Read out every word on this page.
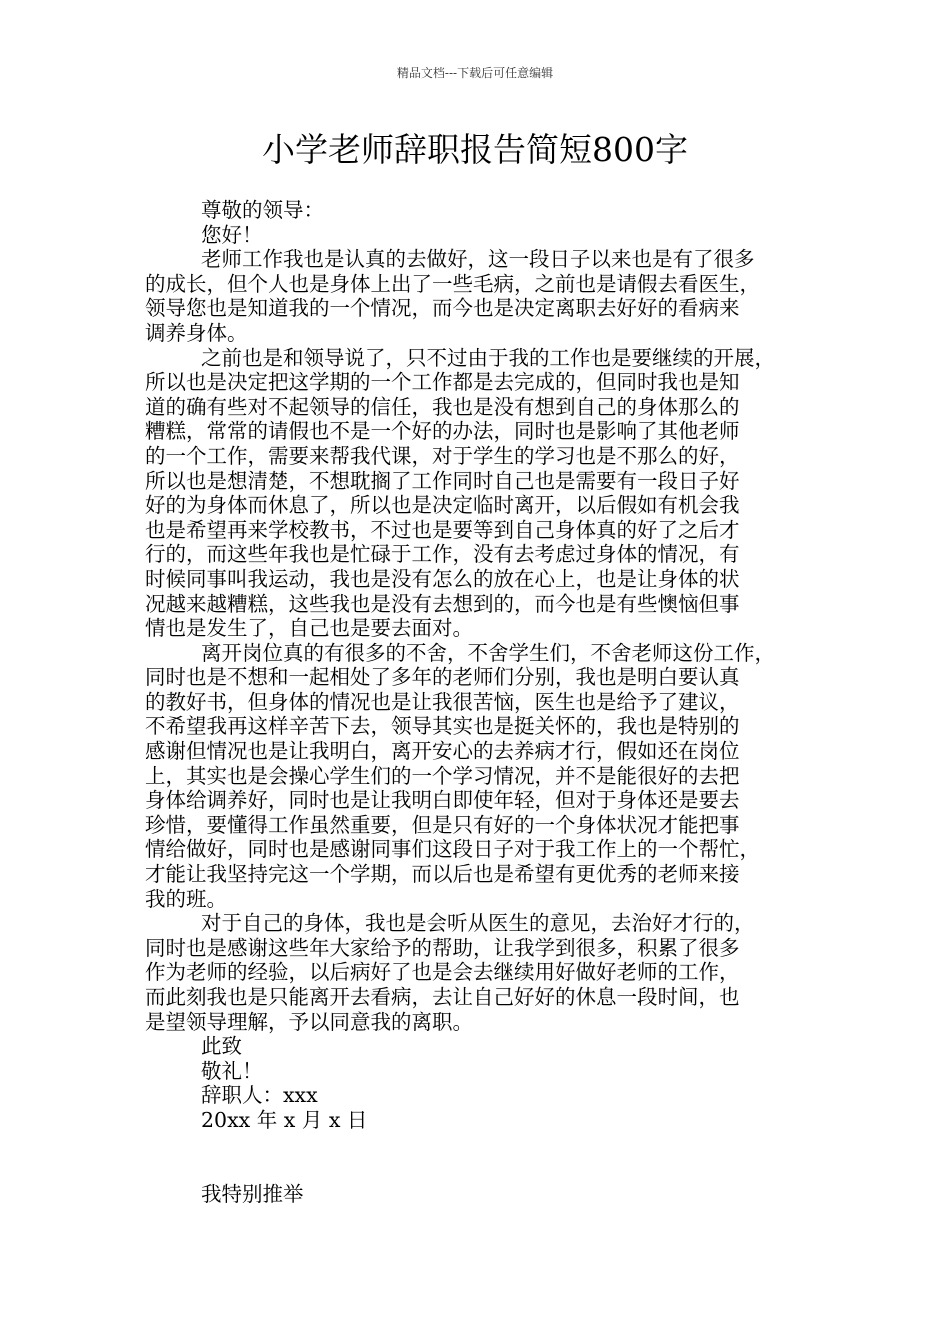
精品文档---下载后可任意编辑
小学老师辞职报告简短800字
尊敬的领导：
您好！
老师工作我也是认真的去做好，这一段日子以来也是有了很多
的成长，但个人也是身体上出了一些毛病，之前也是请假去看医生，
领导您也是知道我的一个情况，而今也是决定离职去好好的看病来
调养身体。
之前也是和领导说了，只不过由于我的工作也是要继续的开展，
所以也是决定把这学期的一个工作都是去完成的，但同时我也是知
道的确有些对不起领导的信任，我也是没有想到自己的身体那么的
糟糕，常常的请假也不是一个好的办法，同时也是影响了其他老师
的一个工作，需要来帮我代课，对于学生的学习也是不那么的好，
所以也是想清楚，不想耽搁了工作同时自己也是需要有一段日子好
好的为身体而休息了，所以也是决定临时离开，以后假如有机会我
也是希望再来学校教书，不过也是要等到自己身体真的好了之后才
行的，而这些年我也是忙碌于工作，没有去考虑过身体的情况，有
时候同事叫我运动，我也是没有怎么的放在心上，也是让身体的状
况越来越糟糕，这些我也是没有去想到的，而今也是有些懊恼但事
情也是发生了，自己也是要去面对。
离开岗位真的有很多的不舍，不舍学生们，不舍老师这份工作，
同时也是不想和一起相处了多年的老师们分别，我也是明白要认真
的教好书，但身体的情况也是让我很苦恼，医生也是给予了建议，
不希望我再这样辛苦下去，领导其实也是挺关怀的，我也是特别的
感谢但情况也是让我明白，离开安心的去养病才行，假如还在岗位
上，其实也是会操心学生们的一个学习情况，并不是能很好的去把
身体给调养好，同时也是让我明白即使年轻，但对于身体还是要去
珍惜，要懂得工作虽然重要，但是只有好的一个身体状况才能把事
情给做好，同时也是感谢同事们这段日子对于我工作上的一个帮忙，
才能让我坚持完这一个学期，而以后也是希望有更优秀的老师来接
我的班。
对于自己的身体，我也是会听从医生的意见，去治好才行的，
同时也是感谢这些年大家给予的帮助，让我学到很多，积累了很多
作为老师的经验，以后病好了也是会去继续用好做好老师的工作，
而此刻我也是只能离开去看病，去让自己好好的休息一段时间，也
是望领导理解，予以同意我的离职。
此致
敬礼！
辞职人：xxx
20xx 年 x 月 x 日
我特别推举
